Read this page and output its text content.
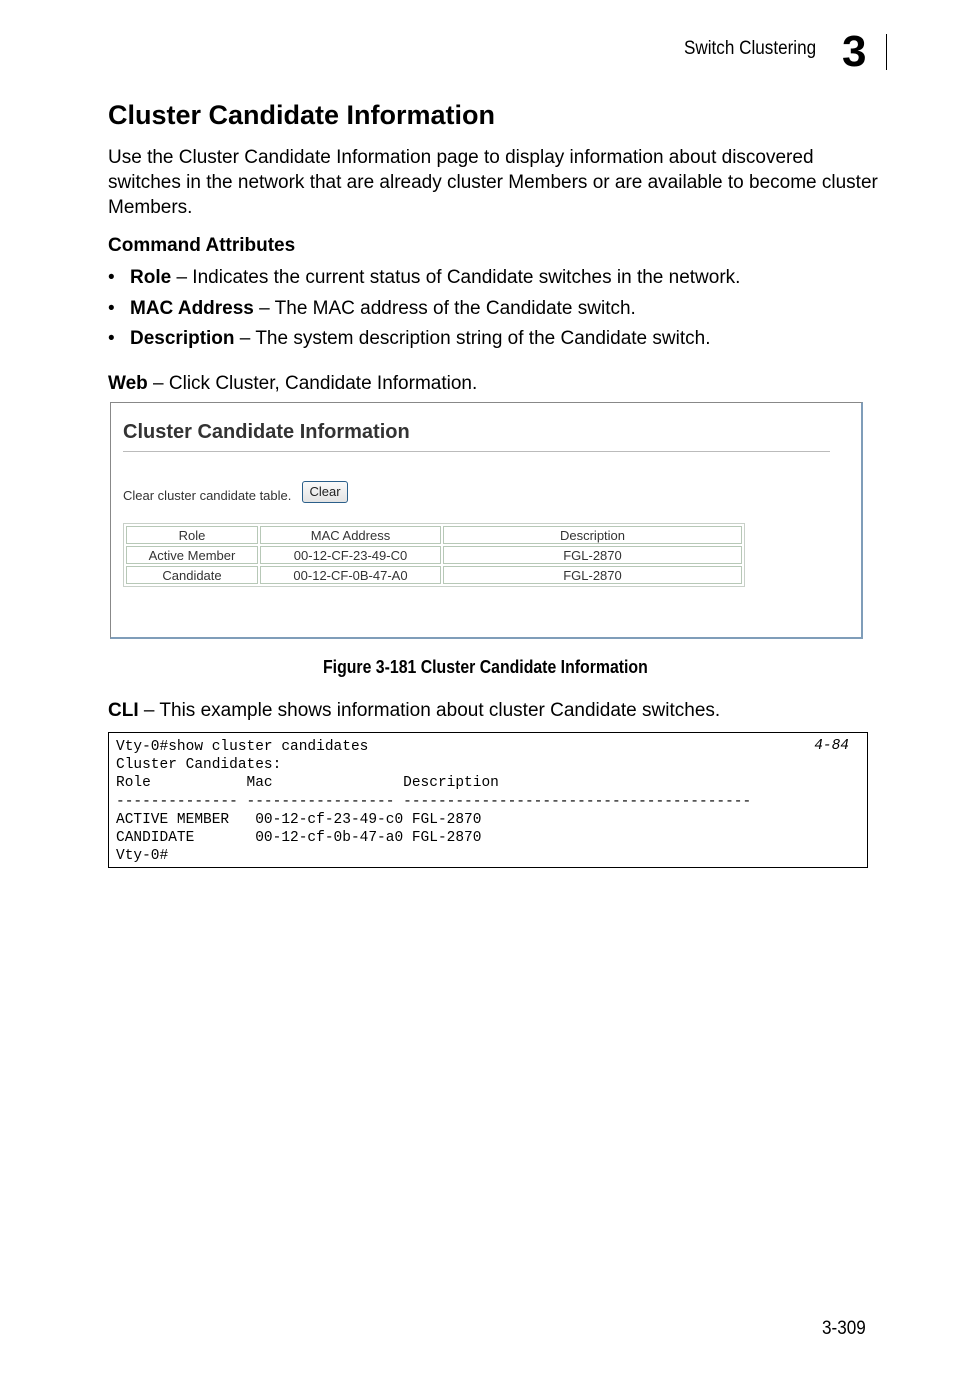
Switch Clustering 3
Cluster Candidate Information
Use the Cluster Candidate Information page to display information about discovered switches in the network that are already cluster Members or are available to become cluster Members.
Command Attributes
• Role – Indicates the current status of Candidate switches in the network.
• MAC Address – The MAC address of the Candidate switch.
• Description – The system description string of the Candidate switch.
Web – Click Cluster, Candidate Information.
Cluster Candidate Information
Clear cluster candidate table.	Clear
Role	MAC Address	Description
Active Member	00-12-CF-23-49-C0	FGL-2870
Candidate	00-12-CF-0B-47-A0	FGL-2870
Figure 3-181 Cluster Candidate Information
CLI – This example shows information about cluster Candidate switches.
Vty-0#show cluster candidates
Cluster Candidates:
Role           Mac               Description
-------------- ----------------- ----------------------------------------
ACTIVE MEMBER   00-12-cf-23-49-c0 FGL-2870
CANDIDATE       00-12-cf-0b-47-a0 FGL-2870
Vty-0#
4-84
3-309
